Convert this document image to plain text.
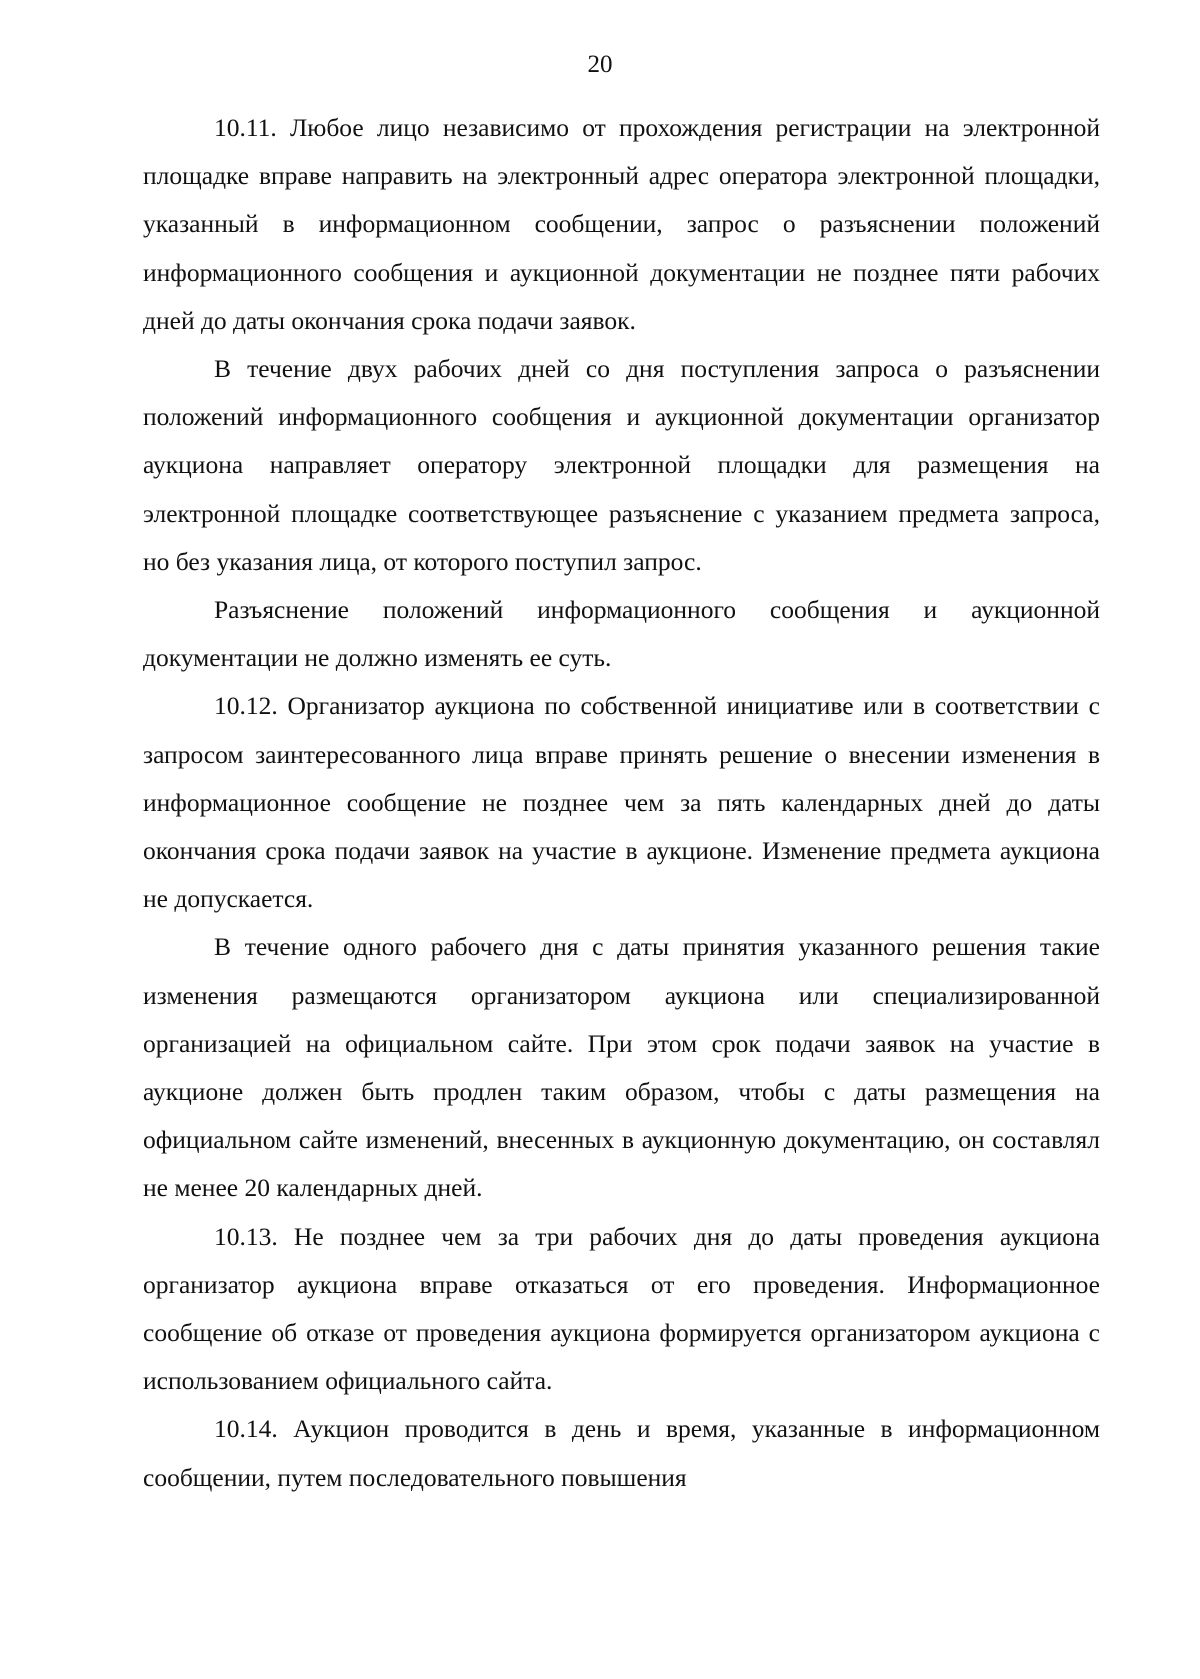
20

10.11. Любое лицо независимо от прохождения регистрации на электронной площадке вправе направить на электронный адрес оператора электронной площадки, указанный в информационном сообщении, запрос о разъяснении положений информационного сообщения и аукционной документации не позднее пяти рабочих дней до даты окончания срока подачи заявок.

В течение двух рабочих дней со дня поступления запроса о разъяснении положений информационного сообщения и аукционной документации организатор аукциона направляет оператору электронной площадки для размещения на электронной площадке соответствующее разъяснение с указанием предмета запроса, но без указания лица, от которого поступил запрос.

Разъяснение положений информационного сообщения и аукционной документации не должно изменять ее суть.

10.12. Организатор аукциона по собственной инициативе или в соответствии с запросом заинтересованного лица вправе принять решение о внесении изменения в информационное сообщение не позднее чем за пять календарных дней до даты окончания срока подачи заявок на участие в аукционе. Изменение предмета аукциона не допускается.

В течение одного рабочего дня с даты принятия указанного решения такие изменения размещаются организатором аукциона или специализированной организацией на официальном сайте. При этом срок подачи заявок на участие в аукционе должен быть продлен таким образом, чтобы с даты размещения на официальном сайте изменений, внесенных в аукционную документацию, он составлял не менее 20 календарных дней.

10.13. Не позднее чем за три рабочих дня до даты проведения аукциона организатор аукциона вправе отказаться от его проведения. Информационное сообщение об отказе от проведения аукциона формируется организатором аукциона с использованием официального сайта.

10.14. Аукцион проводится в день и время, указанные в информационном сообщении, путем последовательного повышения
